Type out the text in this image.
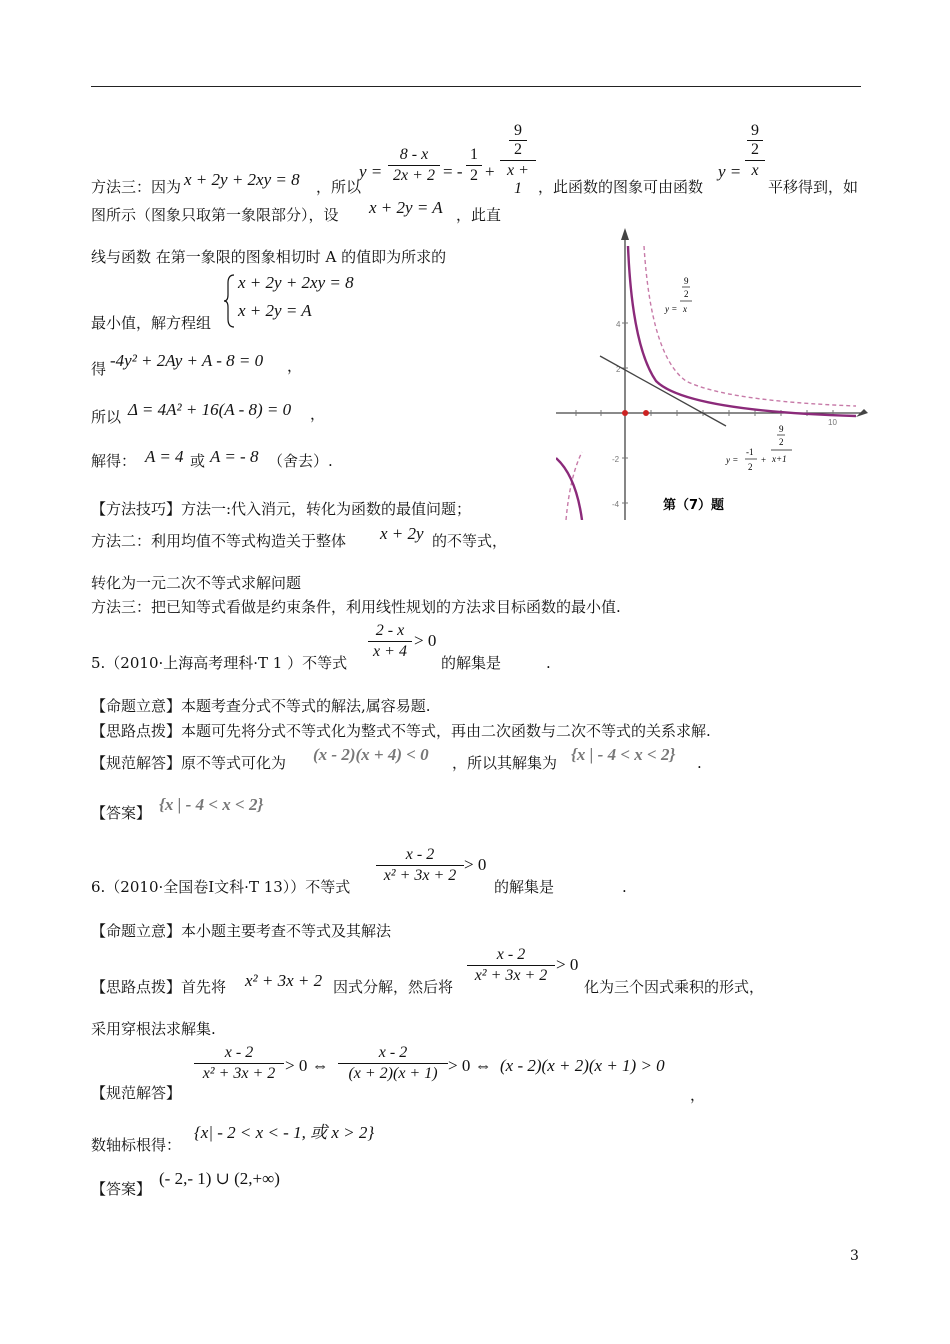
方法三：因为 x + 2y + 2xy = 8 ，所以
y =
8 - x
2x + 2 = -
1
2 +
9
2
x + 1	，此函数的图象可由函数
y =
9
2
x
平移得到，如
图所示（图象只取第一象限部分），设 x + 2y = A ，此直
线与函数 在第一象限的图象相切时 A 的值即为所求的
x + 2y + 2xy = 8
x + 2y = A
最小值，解方程组
得 -4y² + 2Ay + A - 8 = 0 ，
所以 Δ = 4A² + 16(A - 8) = 0 ，
解得： A = 4 或 A = - 8 （舍去）.
【方法技巧】方法一:代入消元，转化为函数的最值问题；
方法二：利用均值不等式构造关于整体 x + 2y 的不等式，
转化为一元二次不等式求解问题
方法三：把已知等式看做是约束条件，利用线性规划的方法求目标函数的最小值.
4
2
-2
-4
10
y =
9
2
x
y =
-1
2
+
9
2
x+1
第（7）题
5.（2010·上海高考理科·T 1 ）不等式
2 - x
x + 4
> 0
的解集是	.
【命题立意】本题考查分式不等式的解法,属容易题.
【思路点拨】本题可先将分式不等式化为整式不等式，再由二次函数与二次不等式的关系求解.
【规范解答】原不等式可化为 (x - 2)(x + 4) < 0 ，所以其解集为 {x | - 4 < x < 2} .
【答案】 {x | - 4 < x < 2}
6.（2010·全国卷Ⅰ文科·T 13））不等式
x - 2
x² + 3x + 2
> 0
的解集是	.
【命题立意】本小题主要考查不等式及其解法
【思路点拨】首先将 x² + 3x + 2 因式分解，然后将
x - 2
x² + 3x + 2
> 0
化为三个因式乘积的形式，
采用穿根法求解集.
【规范解答】
x - 2
x² + 3x + 2 > 0 ⇔
x - 2
(x + 2)(x + 1) > 0 ⇔ (x - 2)(x + 2)(x + 1) > 0
，
数轴标根得：
{x| - 2 < x < - 1, 或 x > 2}
【答案】
(- 2,- 1) ∪ (2,+∞)
3
